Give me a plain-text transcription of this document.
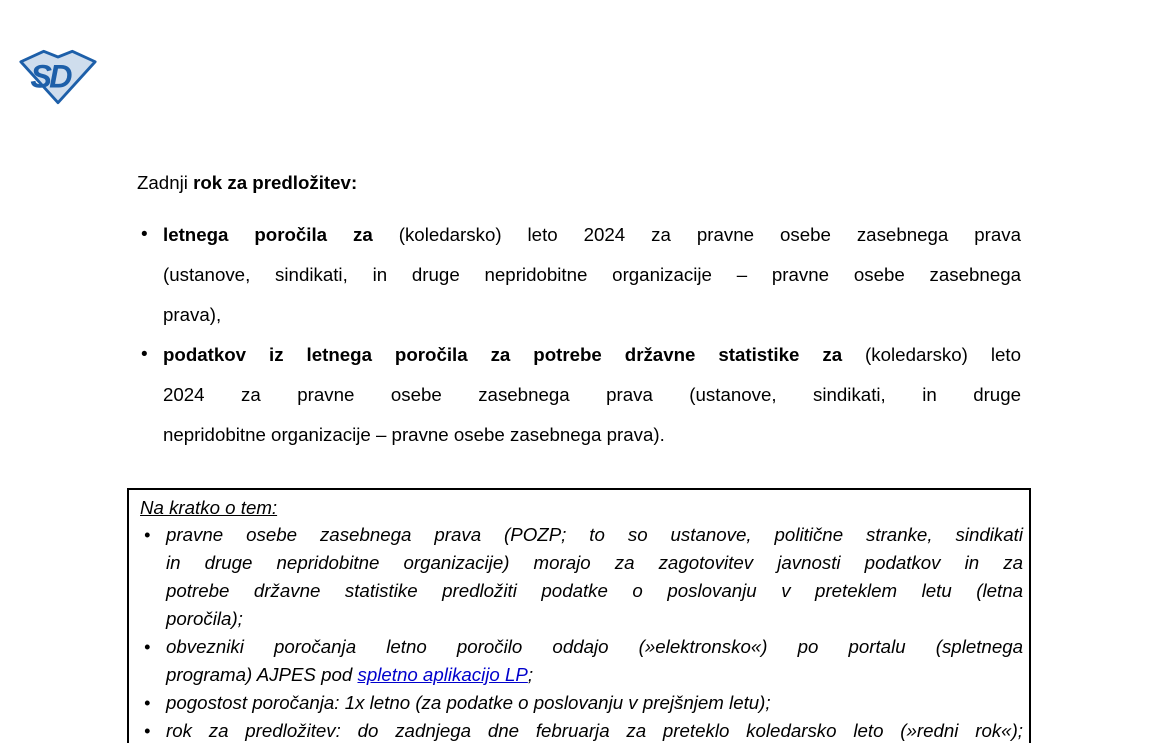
SD
Zadnji rok za predložitev:
• letnega poročila za (koledarsko) leto 2024 za pravne osebe zasebnega prava
(ustanove, sindikati, in druge nepridobitne organizacije – pravne osebe zasebnega
prava),
• podatkov iz letnega poročila za potrebe državne statistike za (koledarsko) leto
2024 za pravne osebe zasebnega prava (ustanove, sindikati, in druge
nepridobitne organizacije – pravne osebe zasebnega prava).
Na kratko o tem:
• pravne osebe zasebnega prava (POZP; to so ustanove, politične stranke, sindikati
in druge nepridobitne organizacije) morajo za zagotovitev javnosti podatkov in za
potrebe državne statistike predložiti podatke o poslovanju v preteklem letu (letna
poročila);
• obvezniki poročanja letno poročilo oddajo (»elektronsko«) po portalu (spletnega
programa) AJPES pod spletno aplikacijo LP;
• pogostost poročanja: 1x letno (za podatke o poslovanju v prejšnjem letu);
• rok za predložitev: do zadnjega dne februarja za preteklo koledarsko leto (»redni rok«);
